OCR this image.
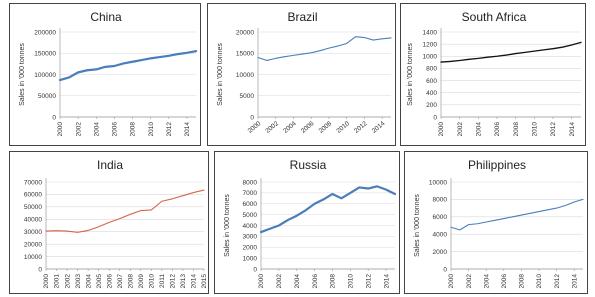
China
0
50000
100000
150000
200000
2000 2002 2004 2006 2008 2010 2012 2014
Sales in '000 tonnes
Brazil
0
5000
10000
15000
20000
2000 2002 2004 2006 2008 2010 2012 2014
Sales in '000 tonnes
South Africa
0
200
400
600
800
1000
1200
1400
2000 2002 2004 2006 2008 2010 2012 2014
Sales in '000 tonnes
India
0
10000
20000
30000
40000
50000
60000
70000
2000 2001 2002 2003 2004 2005 2006 2007 2008 2009 2010 2011 2012 2013 2014 2015
Russia
0
1000
2000
3000
4000
5000
6000
7000
8000
2000 2002 2004 2006 2008 2010 2012 2014
Sales in '000 tonnes
Philippines
0
2000
4000
6000
8000
10000
2000 2002 2004 2006 2008 2010 2012 2014
Sales in '000 tonnes
